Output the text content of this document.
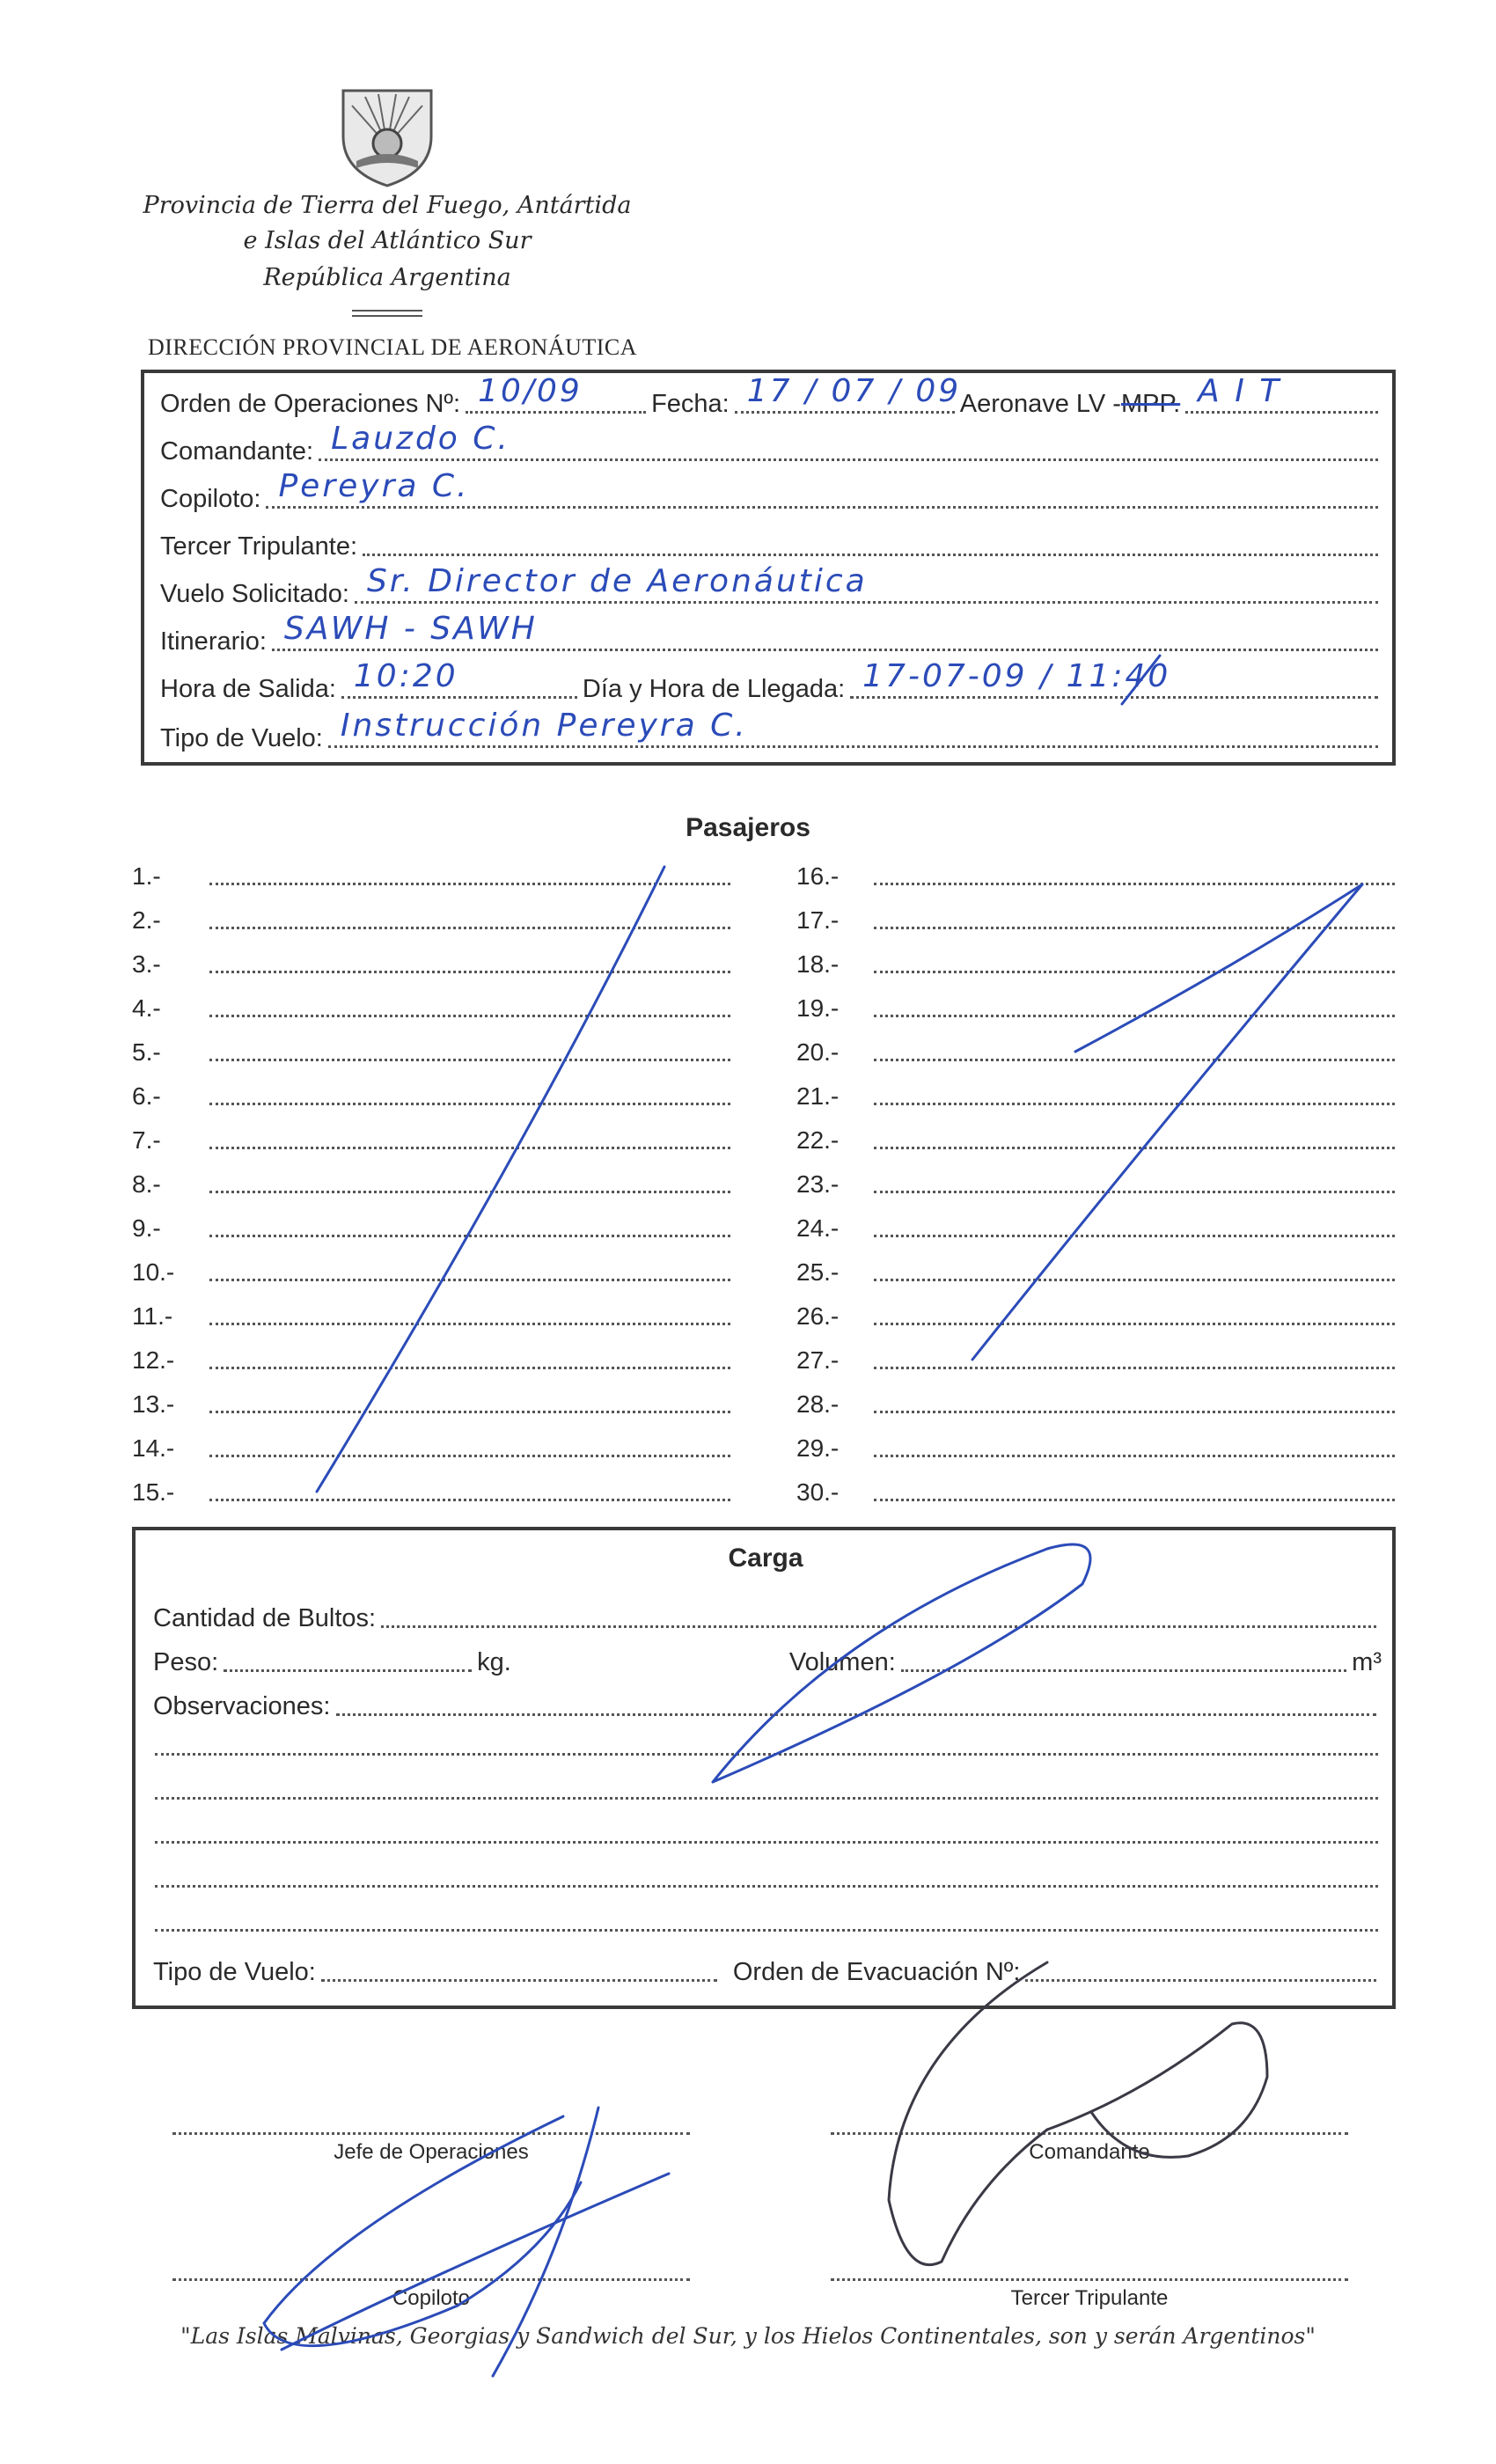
Provincia de Tierra del Fuego, Antártida
e Islas del Atlántico Sur
República Argentina
DIRECCIÓN PROVINCIAL DE AERONÁUTICA
Orden de Operaciones Nº: 10/09	Fecha: 17 / 07 / 09
Aeronave LV - MPP. A I T
Comandante: Lauzdo C.
Copiloto: Pereyra C.
Tercer Tripulante:
Vuelo Solicitado: Sr. Director de Aeronáutica
Itinerario: SAWH - SAWH
Hora de Salida: 10:20	Día y Hora de Llegada: 17-07-09 / 11:40
Tipo de Vuelo: Instrucción Pereyra C.
Pasajeros
1.-
2.-
3.-
4.-
5.-
6.-
7.-
8.-
9.-
10.-
11.-
12.-
13.-
14.-
15.-
16.-
17.-
18.-
19.-
20.-
21.-
22.-
23.-
24.-
25.-
26.-
27.-
28.-
29.-
30.-
Carga
Cantidad de Bultos:
Peso:	kg.	Volumen:	m³
Observaciones:
Tipo de Vuelo:	Orden de Evacuación Nº:
Jefe de Operaciones	Comandante
Copiloto	Tercer Tripulante
"Las Islas Malvinas, Georgias y Sandwich del Sur, y los Hielos Continentales, son y serán Argentinos"
